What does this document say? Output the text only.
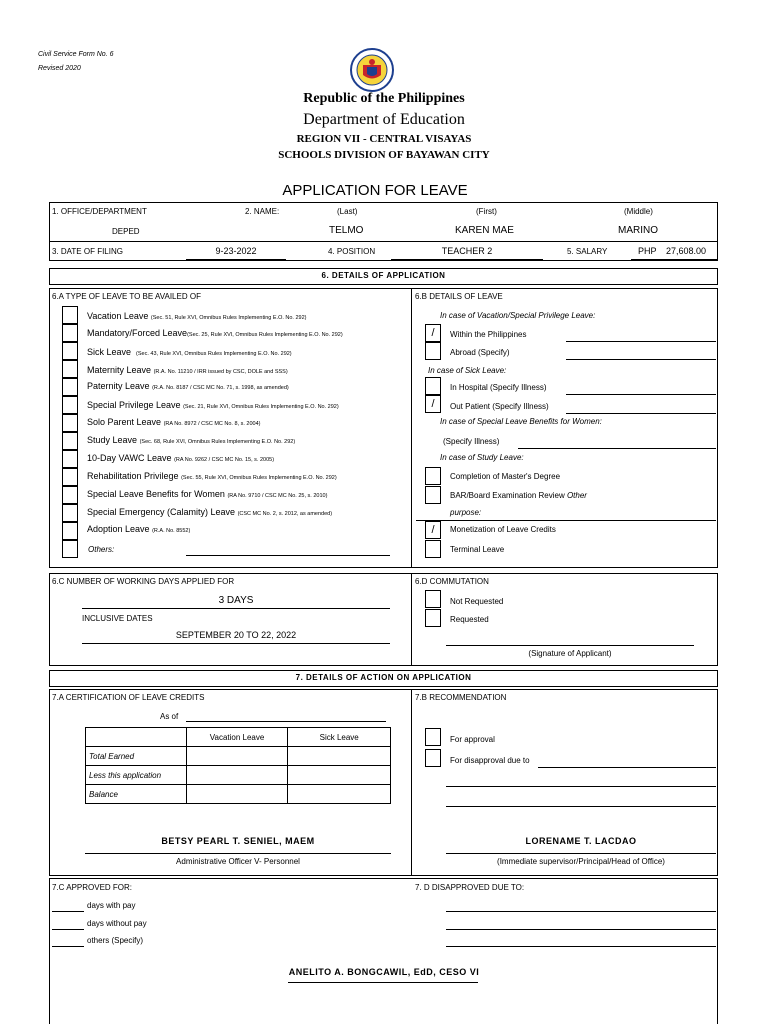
Civil Service Form No. 6
Revised 2020
Republic of the Philippines
Department of Education
REGION VII - CENTRAL VISAYAS
SCHOOLS DIVISION OF BAYAWAN CITY
APPLICATION FOR LEAVE
1. OFFICE/DEPARTMENT
DEPED
2. NAME:	(Last)	(First)	(Middle)
TELMO	KAREN MAE	MARINO
3. DATE OF FILING	9-23-2022	4. POSITION	TEACHER 2	5. SALARY	PHP 27,608.00
6. DETAILS OF APPLICATION
6.A TYPE OF LEAVE TO BE AVAILED OF	6.B DETAILS OF LEAVE
Vacation Leave (Sec. 51, Rule XVI, Omnibus Rules Implementing E.O. No. 292)
Mandatory/Forced Leave(Sec. 25, Rule XVI, Omnibus Rules Implementing E.O. No. 292)
Sick Leave (Sec. 43, Rule XVI, Omnibus Rules Implementing E.O. No. 292)
Maternity Leave (R.A. No. 11210 / IRR issued by CSC, DOLE and SSS)
Paternity Leave (R.A. No. 8187 / CSC MC No. 71, s. 1998, as amended)
Special Privilege Leave (Sec. 21, Rule XVI, Omnibus Rules Implementing E.O. No. 292)
Solo Parent Leave (RA No. 8972 / CSC MC No. 8, s. 2004)
Study Leave (Sec. 68, Rule XVI, Omnibus Rules Implementing E.O. No. 292)
10-Day VAWC Leave (RA No. 9262 / CSC MC No. 15, s. 2005)
Rehabilitation Privilege (Sec. 55, Rule XVI, Omnibus Rules Implementing E.O. No. 292)
Special Leave Benefits for Women (RA No. 9710 / CSC MC No. 25, s. 2010)
Special Emergency (Calamity) Leave (CSC MC No. 2, s. 2012, as amended)
Adoption Leave (R.A. No. 8552)
Others:
In case of Vacation/Special Privilege Leave:
/	Within the Philippines
Abroad (Specify)
In case of Sick Leave:
In Hospital (Specify Illness)
/	Out Patient (Specify Illness)
In case of Special Leave Benefits for Women:
(Specify Illness)
In case of Study Leave:
Completion of Master's Degree
BAR/Board Examination Review Other
purpose:
/	Monetization of Leave Credits
Terminal Leave
6.C NUMBER OF WORKING DAYS APPLIED FOR
3 DAYS
INCLUSIVE DATES
SEPTEMBER 20 TO 22, 2022
6.D COMMUTATION
Not Requested
Requested
(Signature of Applicant)
7. DETAILS OF ACTION ON APPLICATION
7.A CERTIFICATION OF LEAVE CREDITS
As of
	Vacation Leave	Sick Leave
Total Earned		
Less this application		
Balance		
7.B RECOMMENDATION
For approval
For disapproval due to
BETSY PEARL T. SENIEL, MAEM
Administrative Officer V- Personnel
LORENAME T. LACDAO
(Immediate supervisor/Principal/Head of Office)
7.C APPROVED FOR:
days with pay
days without pay
others (Specify)
7. D DISAPPROVED DUE TO:
ANELITO A. BONGCAWIL, EdD, CESO VI
